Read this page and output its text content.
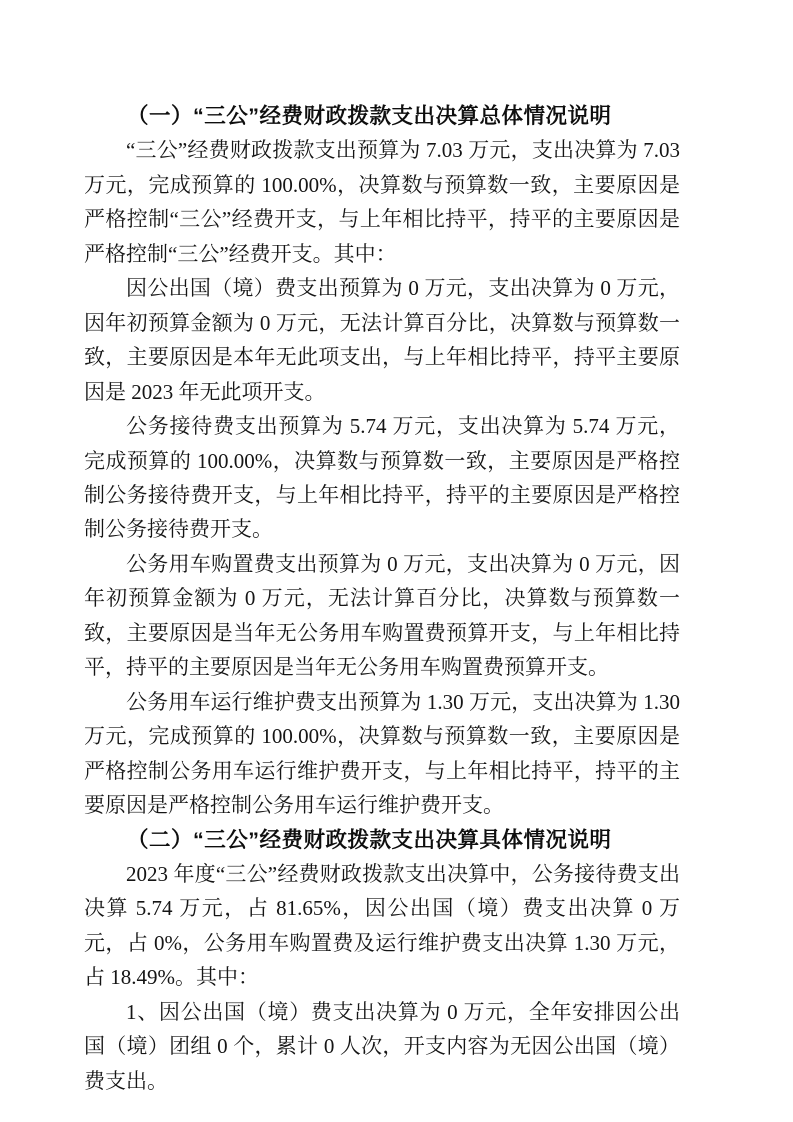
（一）“三公”经费财政拨款支出决算总体情况说明

“三公”经费财政拨款支出预算为 7.03 万元，支出决算为 7.03 万元，完成预算的 100.00%，决算数与预算数一致，主要原因是严格控制“三公”经费开支，与上年相比持平，持平的主要原因是严格控制“三公”经费开支。其中：

因公出国（境）费支出预算为 0 万元，支出决算为 0 万元，因年初预算金额为 0 万元，无法计算百分比，决算数与预算数一致，主要原因是本年无此项支出，与上年相比持平，持平主要原因是 2023 年无此项开支。

公务接待费支出预算为 5.74 万元，支出决算为 5.74 万元，完成预算的 100.00%，决算数与预算数一致，主要原因是严格控制公务接待费开支，与上年相比持平，持平的主要原因是严格控制公务接待费开支。

公务用车购置费支出预算为 0 万元，支出决算为 0 万元，因年初预算金额为 0 万元，无法计算百分比，决算数与预算数一致，主要原因是当年无公务用车购置费预算开支，与上年相比持平，持平的主要原因是当年无公务用车购置费预算开支。

公务用车运行维护费支出预算为 1.30 万元，支出决算为 1.30 万元，完成预算的 100.00%，决算数与预算数一致，主要原因是严格控制公务用车运行维护费开支，与上年相比持平，持平的主要原因是严格控制公务用车运行维护费开支。

（二）“三公”经费财政拨款支出决算具体情况说明

2023 年度“三公”经费财政拨款支出决算中，公务接待费支出决算 5.74 万元，占 81.65%，因公出国（境）费支出决算 0 万元，占 0%，公务用车购置费及运行维护费支出决算 1.30 万元，占 18.49%。其中：

1、因公出国（境）费支出决算为 0 万元，全年安排因公出国（境）团组 0 个，累计 0 人次，开支内容为无因公出国（境）费支出。
